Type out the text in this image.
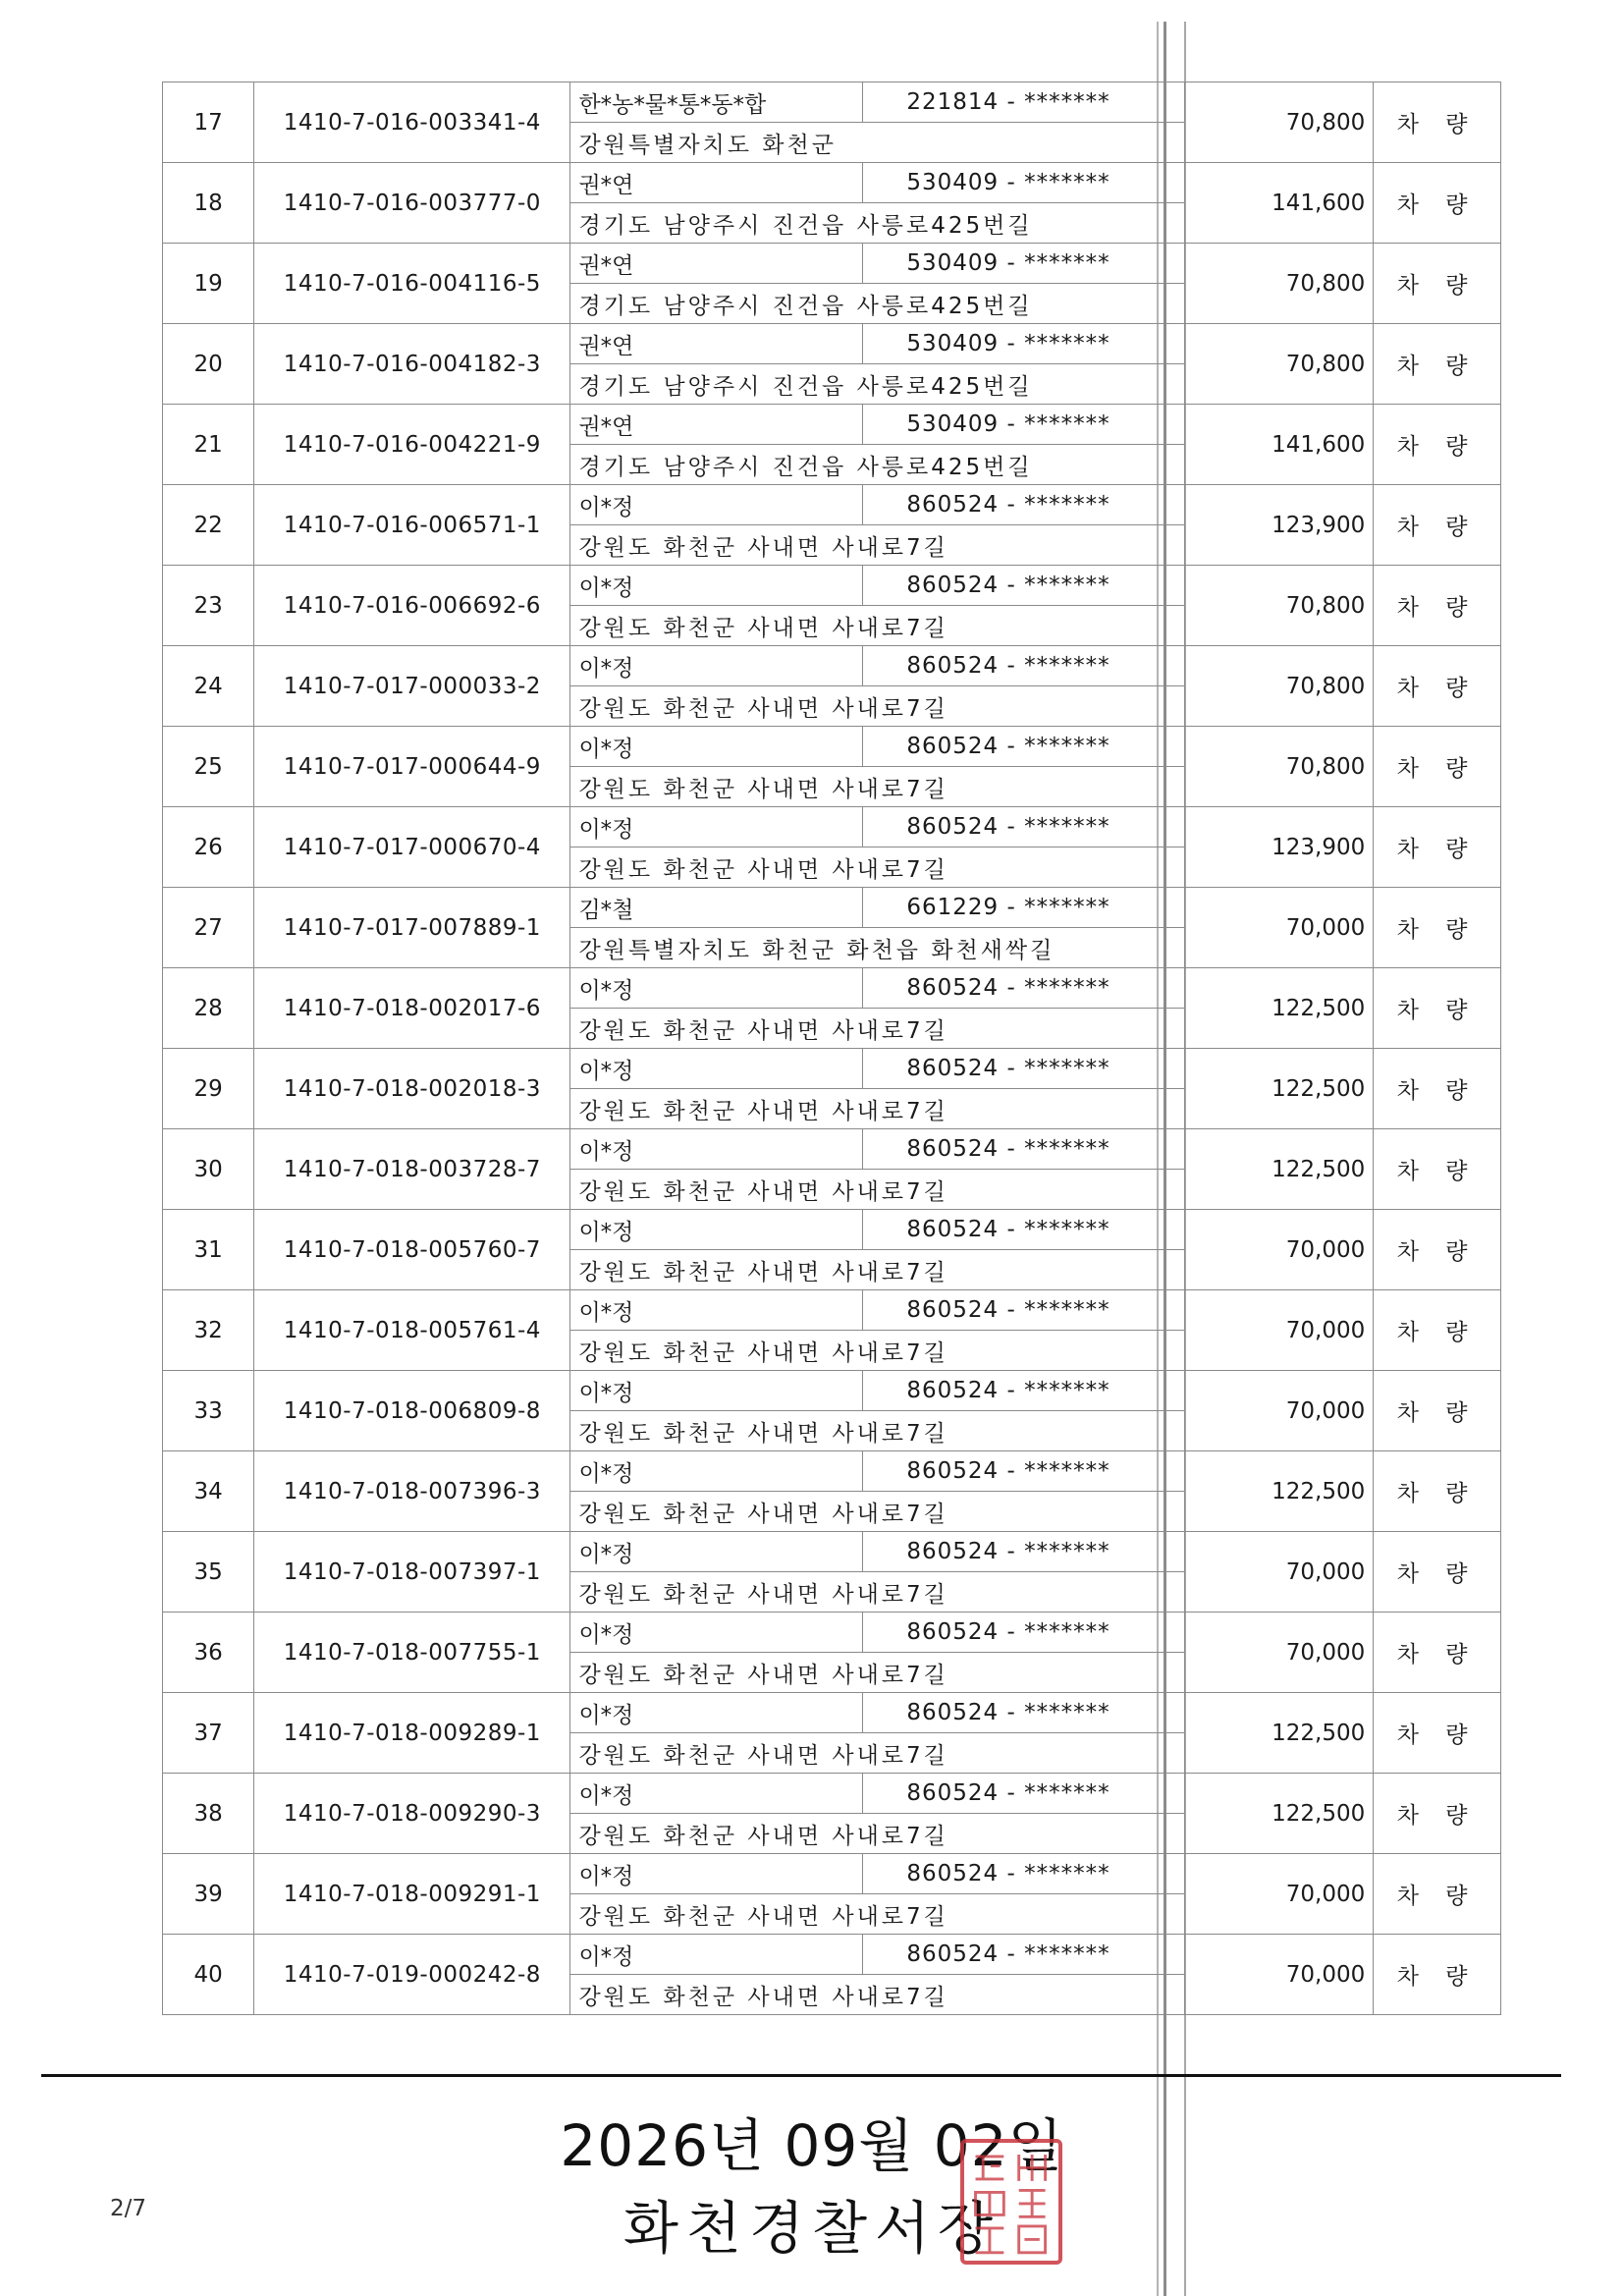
17	1410-7-016-003341-4	한*농*물*통*동*합	221814 - *******		70,800	차 량
		강원특별자치도 화천군			
18	1410-7-016-003777-0	권*연	530409 - *******		141,600	차 량
		경기도 남양주시 진건읍 사릉로425번길			
19	1410-7-016-004116-5	권*연	530409 - *******		70,800	차 량
		경기도 남양주시 진건읍 사릉로425번길			
20	1410-7-016-004182-3	권*연	530409 - *******		70,800	차 량
		경기도 남양주시 진건읍 사릉로425번길			
21	1410-7-016-004221-9	권*연	530409 - *******		141,600	차 량
		경기도 남양주시 진건읍 사릉로425번길			
22	1410-7-016-006571-1	이*정	860524 - *******		123,900	차 량
		강원도 화천군 사내면 사내로7길			
23	1410-7-016-006692-6	이*정	860524 - *******		70,800	차 량
		강원도 화천군 사내면 사내로7길			
24	1410-7-017-000033-2	이*정	860524 - *******		70,800	차 량
		강원도 화천군 사내면 사내로7길			
25	1410-7-017-000644-9	이*정	860524 - *******		70,800	차 량
		강원도 화천군 사내면 사내로7길			
26	1410-7-017-000670-4	이*정	860524 - *******		123,900	차 량
		강원도 화천군 사내면 사내로7길			
27	1410-7-017-007889-1	김*철	661229 - *******		70,000	차 량
		강원특별자치도 화천군 화천읍 화천새싹길			
28	1410-7-018-002017-6	이*정	860524 - *******		122,500	차 량
		강원도 화천군 사내면 사내로7길			
29	1410-7-018-002018-3	이*정	860524 - *******		122,500	차 량
		강원도 화천군 사내면 사내로7길			
30	1410-7-018-003728-7	이*정	860524 - *******		122,500	차 량
		강원도 화천군 사내면 사내로7길			
31	1410-7-018-005760-7	이*정	860524 - *******		70,000	차 량
		강원도 화천군 사내면 사내로7길			
32	1410-7-018-005761-4	이*정	860524 - *******		70,000	차 량
		강원도 화천군 사내면 사내로7길			
33	1410-7-018-006809-8	이*정	860524 - *******		70,000	차 량
		강원도 화천군 사내면 사내로7길			
34	1410-7-018-007396-3	이*정	860524 - *******		122,500	차 량
		강원도 화천군 사내면 사내로7길			
35	1410-7-018-007397-1	이*정	860524 - *******		70,000	차 량
		강원도 화천군 사내면 사내로7길			
36	1410-7-018-007755-1	이*정	860524 - *******		70,000	차 량
		강원도 화천군 사내면 사내로7길			
37	1410-7-018-009289-1	이*정	860524 - *******		122,500	차 량
		강원도 화천군 사내면 사내로7길			
38	1410-7-018-009290-3	이*정	860524 - *******		122,500	차 량
		강원도 화천군 사내면 사내로7길			
39	1410-7-018-009291-1	이*정	860524 - *******		70,000	차 량
		강원도 화천군 사내면 사내로7길			
40	1410-7-019-000242-8	이*정	860524 - *******		70,000	차 량
		강원도 화천군 사내면 사내로7길			
2026년 09월 02일
화천경찰서장
2/7
